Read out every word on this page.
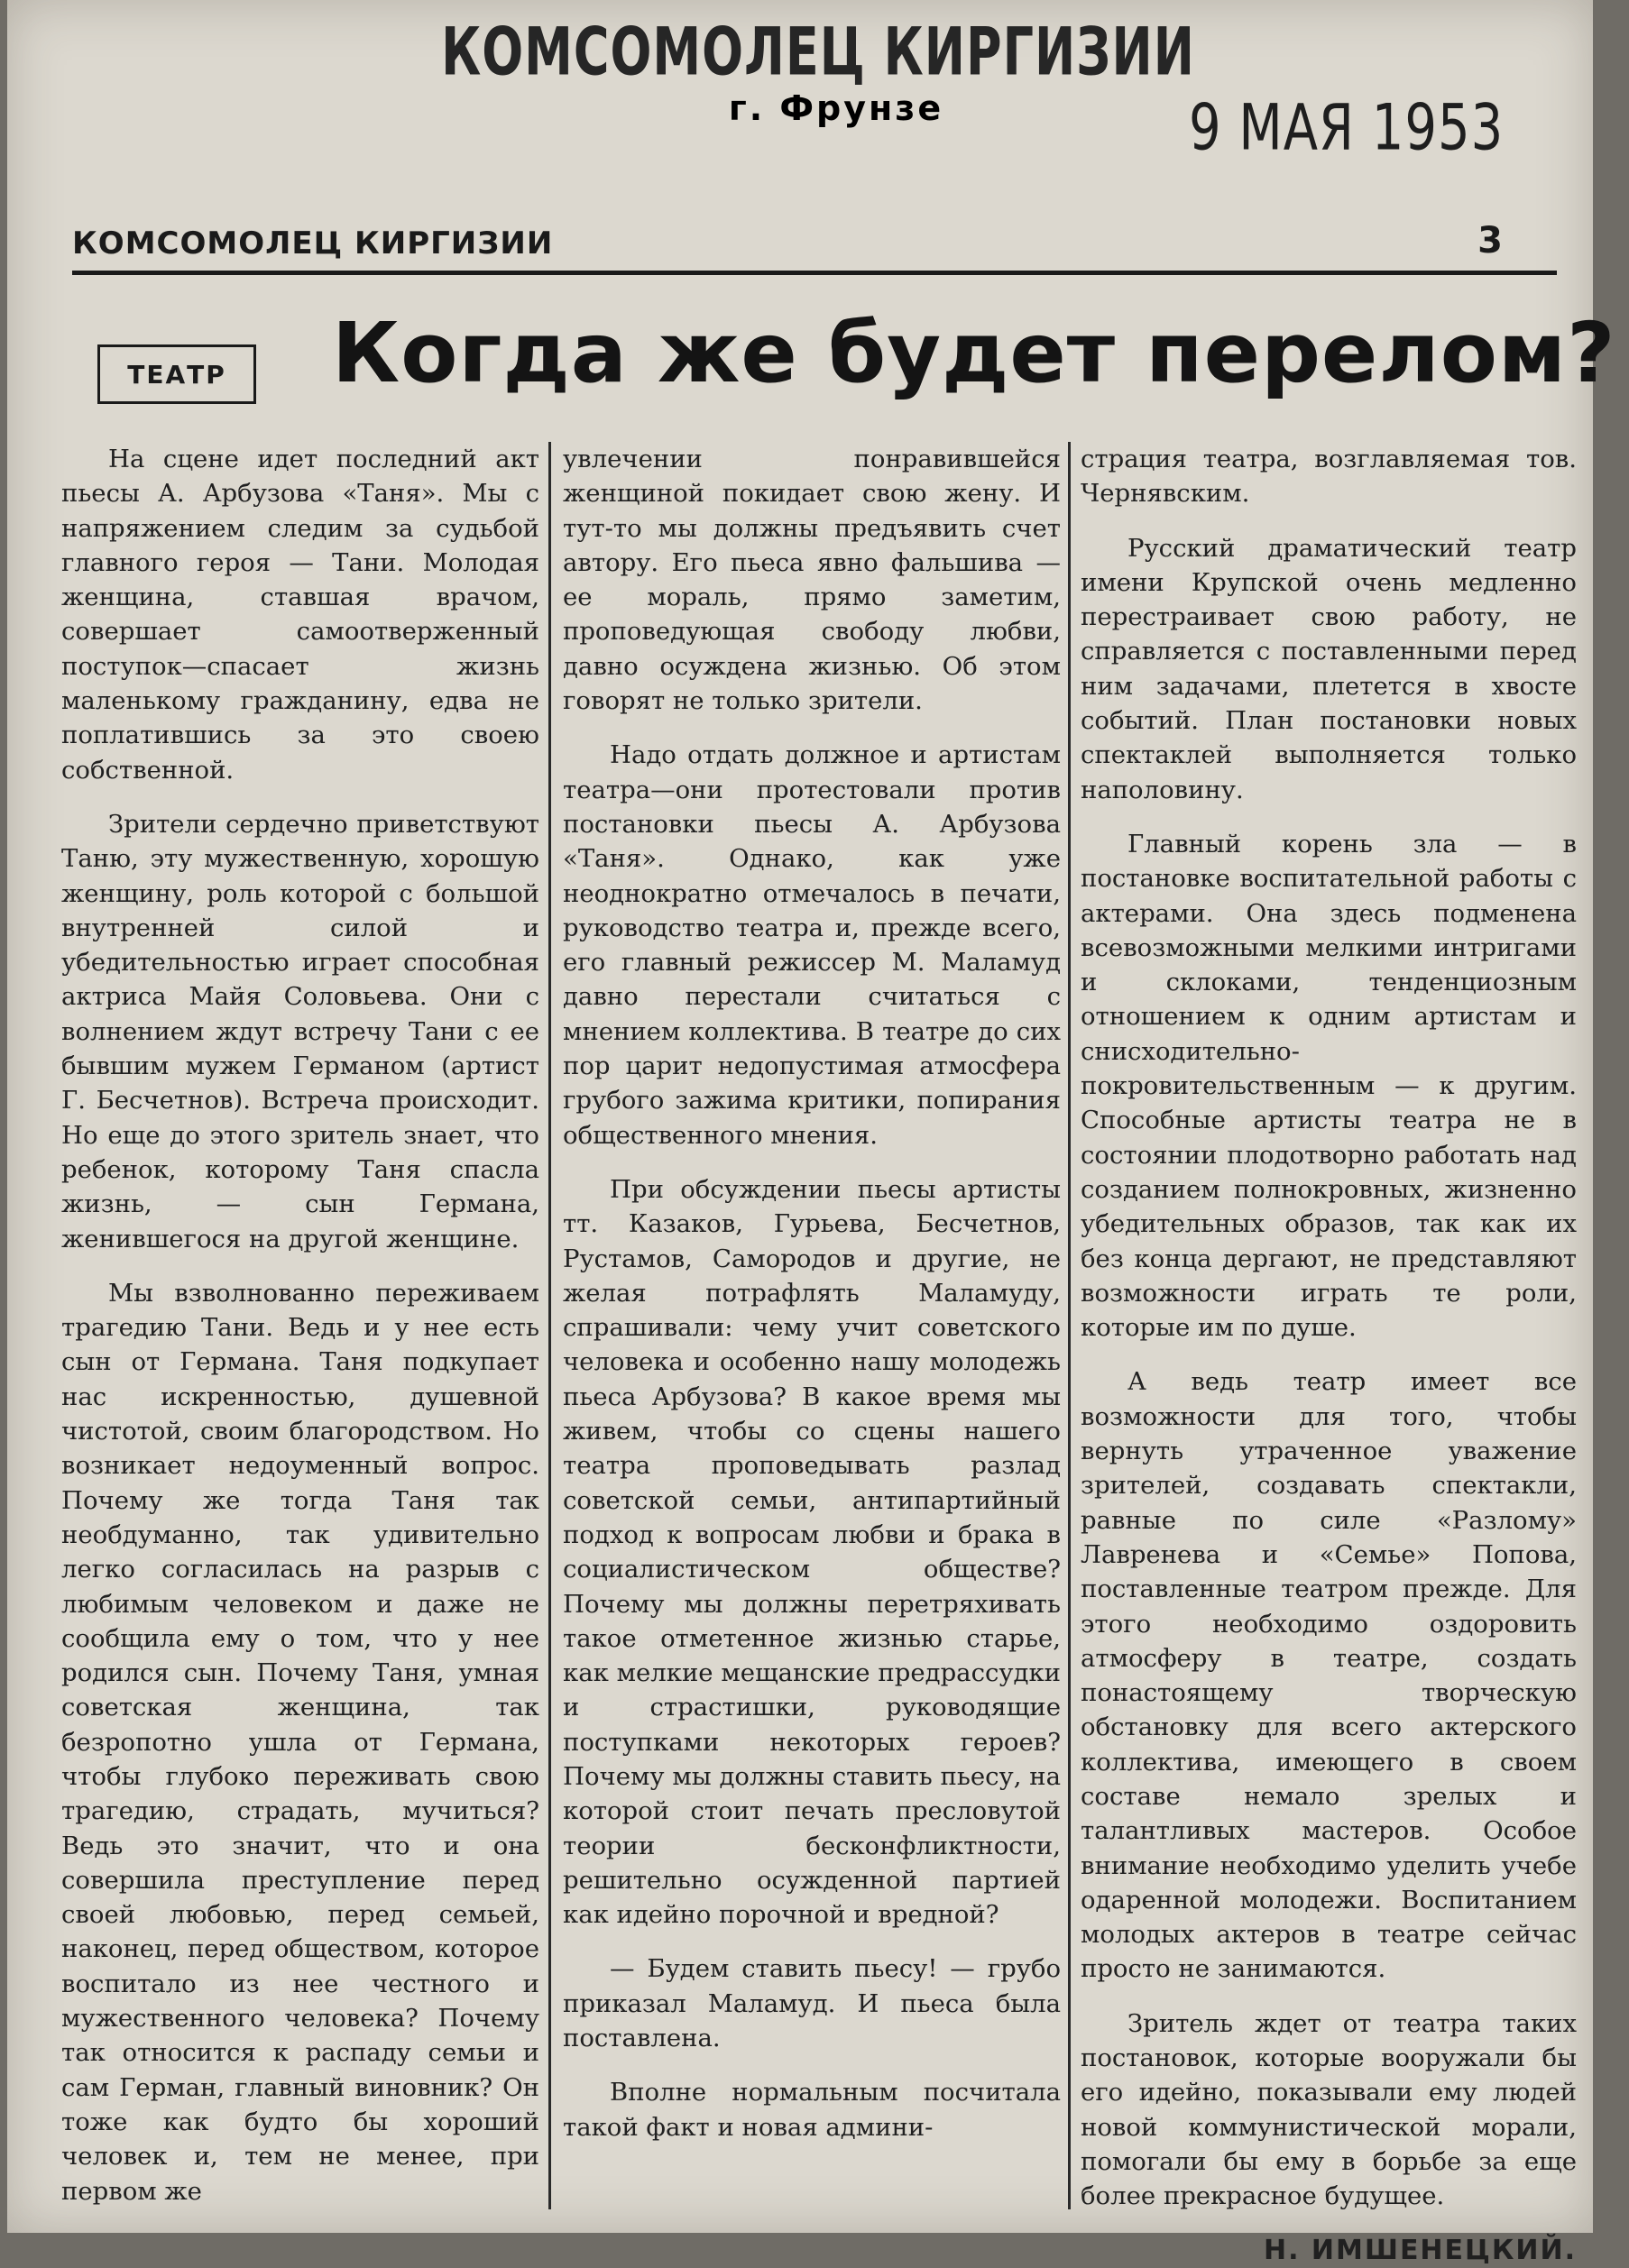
КОМСОМОЛЕЦ КИРГИЗИИ
г. Фрунзе	9 МАЯ 1953
КОМСОМОЛЕЦ КИРГИЗИИ	3
ТЕАТР	Когда же будет перелом?

На сцене идет последний акт пьесы А. Арбузова «Таня». Мы с напряжением следим за судьбой главного героя — Тани. Молодая женщина, ставшая врачом, совершает самоотверженный поступок—спасает жизнь маленькому гражданину, едва не поплатившись за это своею собственной.

Зрители сердечно приветствуют Таню, эту мужественную, хорошую женщину, роль которой с большой внутренней силой и убедительностью играет способная актриса Майя Соловьева. Они с волнением ждут встречу Тани с ее бывшим мужем Германом (артист Г. Бесчетнов). Встреча происходит. Но еще до этого зритель знает, что ребенок, которому Таня спасла жизнь, — сын Германа, женившегося на другой женщине.

Мы взволнованно переживаем трагедию Тани. Ведь и у нее есть сын от Германа. Таня подкупает нас искренностью, душевной чистотой, своим благородством. Но возникает недоуменный вопрос. Почему же тогда Таня так необдуманно, так удивительно легко согласилась на разрыв с любимым человеком и даже не сообщила ему о том, что у нее родился сын. Почему Таня, умная советская женщина, так безропотно ушла от Германа, чтобы глубоко переживать свою трагедию, страдать, мучиться? Ведь это значит, что и она совершила преступление перед своей любовью, перед семьей, наконец, перед обществом, которое воспитало из нее честного и мужественного человека? Почему так относится к распаду семьи и сам Герман, главный виновник? Он тоже как будто бы хороший человек и, тем не менее, при первом же

увлечении понравившейся женщиной покидает свою жену. И тут-то мы должны предъявить счет автору. Его пьеса явно фальшива — ее мораль, прямо заметим, проповедующая свободу любви, давно осуждена жизнью. Об этом говорят не только зрители.

Надо отдать должное и артистам театра—они протестовали против постановки пьесы А. Арбузова «Таня». Однако, как уже неоднократно отмечалось в печати, руководство театра и, прежде всего, его главный режиссер М. Маламуд давно перестали считаться с мнением коллектива. В театре до сих пор царит недопустимая атмосфера грубого зажима критики, попирания общественного мнения.

При обсуждении пьесы артисты тт. Казаков, Гурьева, Бесчетнов, Рустамов, Самородов и другие, не желая потрафлять Маламуду, спрашивали: чему учит советского человека и особенно нашу молодежь пьеса Арбузова? В какое время мы живем, чтобы со сцены нашего театра проповедывать разлад советской семьи, антипартийный подход к вопросам любви и брака в социалистическом обществе? Почему мы должны перетряхивать такое отметенное жизнью старье, как мелкие мещанские предрассудки и страстишки, руководящие поступками некоторых героев? Почему мы должны ставить пьесу, на которой стоит печать пресловутой теории бесконфликтности, решительно осужденной партией как идейно порочной и вредной?

— Будем ставить пьесу! — грубо приказал Маламуд. И пьеса была поставлена.

Вполне нормальным посчитала такой факт и новая админи-

страция театра, возглавляемая тов. Чернявским.

Русский драматический театр имени Крупской очень медленно перестраивает свою работу, не справляется с поставленными перед ним задачами, плетется в хвосте событий. План постановки новых спектаклей выполняется только наполовину.

Главный корень зла — в постановке воспитательной работы с актерами. Она здесь подменена всевозможными мелкими интригами и склоками, тенденциозным отношением к одним артистам и снисходительно-покровительственным — к другим. Способные артисты театра не в состоянии плодотворно работать над созданием полнокровных, жизненно убедительных образов, так как их без конца дергают, не представляют возможности играть те роли, которые им по душе.

А ведь театр имеет все возможности для того, чтобы вернуть утраченное уважение зрителей, создавать спектакли, равные по силе «Разлому» Лавренева и «Семье» Попова, поставленные театром прежде. Для этого необходимо оздоровить атмосферу в театре, создать понастоящему творческую обстановку для всего актерского коллектива, имеющего в своем составе немало зрелых и талантливых мастеров. Особое внимание необходимо уделить учебе одаренной молодежи. Воспитанием молодых актеров в театре сейчас просто не занимаются.

Зритель ждет от театра таких постановок, которые вооружали бы его идейно, показывали ему людей новой коммунистической морали, помогали бы ему в борьбе за еще более прекрасное будущее.

Н. ИМШЕНЕЦКИЙ.
